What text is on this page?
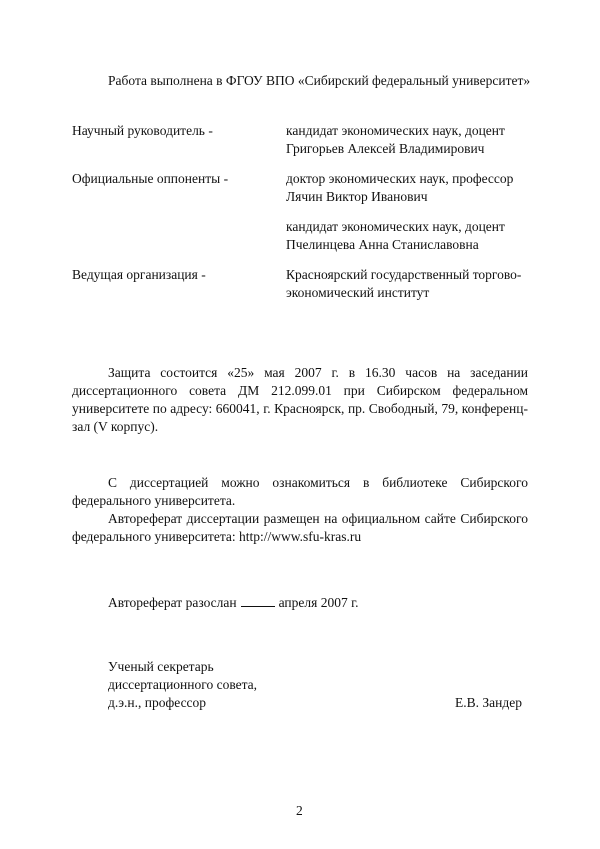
Работа выполнена в ФГОУ ВПО «Сибирский федеральный университет»
Научный руководитель -	кандидат экономических наук, доцент
Григорьев Алексей Владимирович
Официальные оппоненты -	доктор экономических наук, профессор
Лячин Виктор Иванович
кандидат экономических наук, доцент
Пчелинцева Анна Станиславовна
Ведущая организация -	Красноярский государственный торгово-
экономический институт
Защита состоится «25» мая 2007 г. в 16.30 часов на заседании
диссертационного совета ДМ 212.099.01 при Сибирском федеральном
университете по адресу: 660041, г. Красноярск, пр. Свободный, 79, конференц-
зал (V корпус).
С диссертацией можно ознакомиться в библиотеке Сибирского
федерального университета.
Автореферат диссертации размещен на официальном сайте Сибирского
федерального университета: http://www.sfu-kras.ru
Автореферат разослан	апреля 2007 г.
Ученый секретарь
диссертационного совета,
д.э.н., профессор	Е.В. Зандер
2
